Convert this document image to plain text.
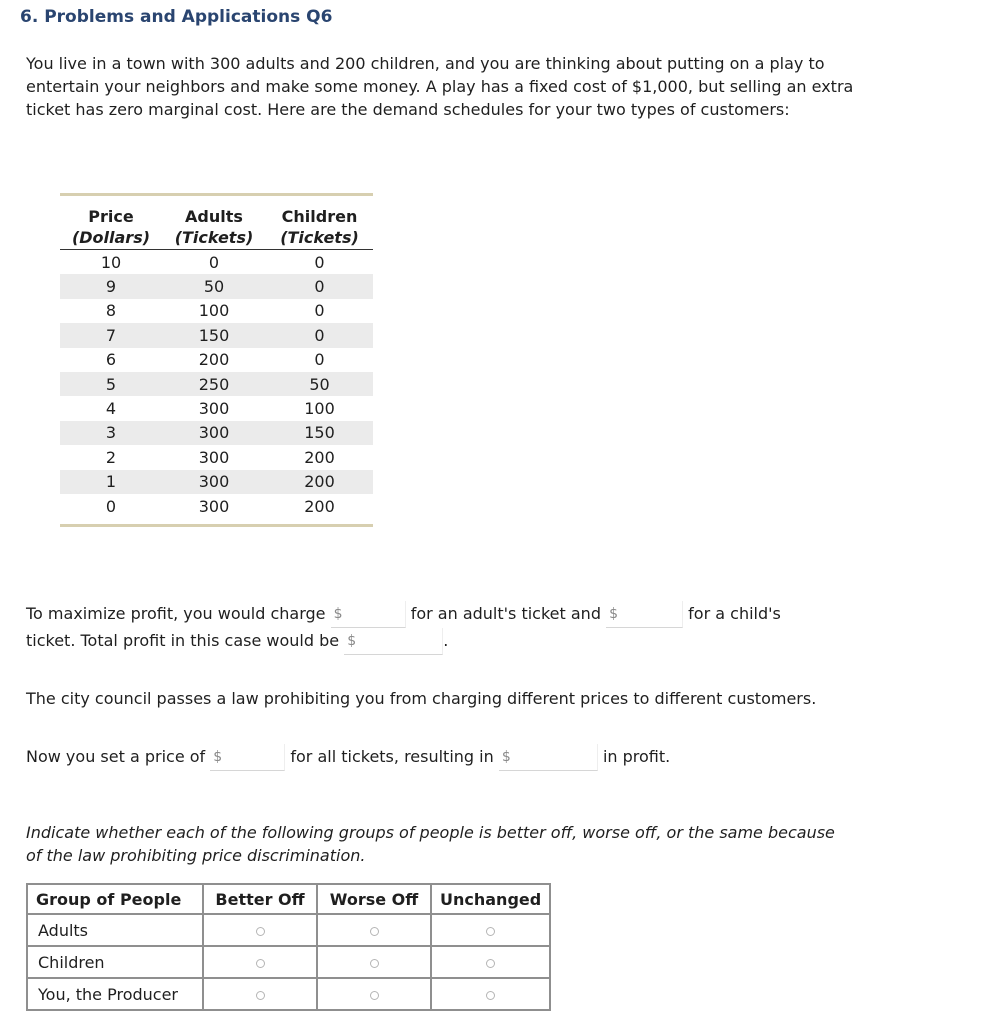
6. Problems and Applications Q6

You live in a town with 300 adults and 200 children, and you are thinking about putting on a play to entertain your neighbors and make some money. A play has a fixed cost of $1,000, but selling an extra ticket has zero marginal cost. Here are the demand schedules for your two types of customers:

Price	Adults	Children
(Dollars)	(Tickets)	(Tickets)
10	0	0
9	50	0
8	100	0
7	150	0
6	200	0
5	250	50
4	300	100
3	300	150
2	300	200
1	300	200
0	300	200

To maximize profit, you would charge $	for an adult's ticket and $	for a child's
ticket. Total profit in this case would be $	.

The city council passes a law prohibiting you from charging different prices to different customers.

Now you set a price of $	for all tickets, resulting in $	in profit.

Indicate whether each of the following groups of people is better off, worse off, or the same because of the law prohibiting price discrimination.

Group of People	Better Off	Worse Off	Unchanged
Adults			
Children			
You, the Producer			
